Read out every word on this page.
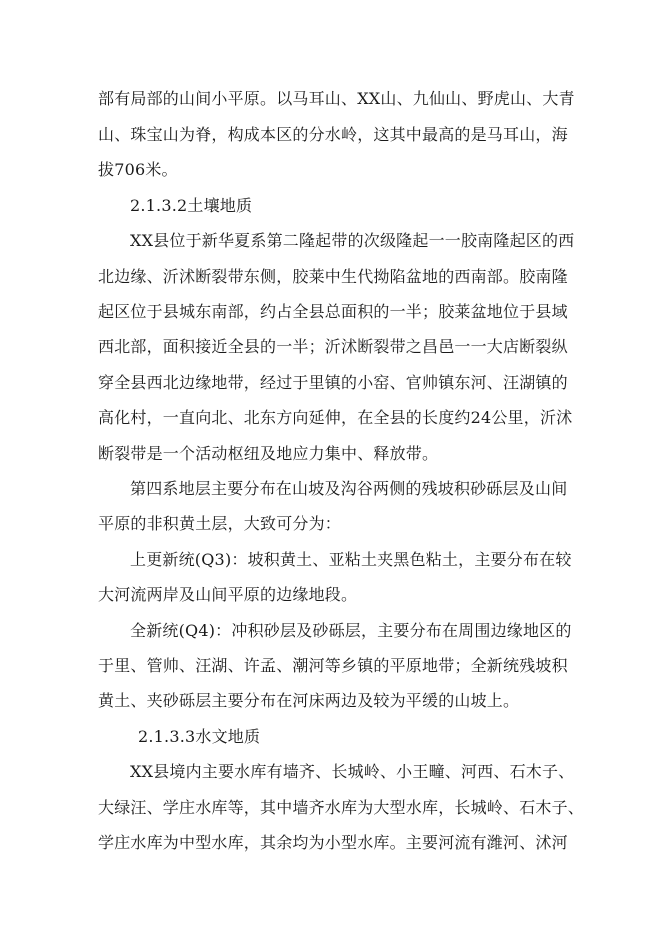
部有局部的山间小平原。以马耳山、XX山、九仙山、野虎山、大青
山、珠宝山为脊，构成本区的分水岭，这其中最高的是马耳山，海
拔706米。
2.1.3.2土壤地质
XX县位于新华夏系第二隆起带的次级隆起一一胶南隆起区的西
北边缘、沂沭断裂带东侧，胶莱中生代拗陷盆地的西南部。胶南隆
起区位于县城东南部，约占全县总面积的一半；胶莱盆地位于县域
西北部，面积接近全县的一半；沂沭断裂带之昌邑一一大店断裂纵
穿全县西北边缘地带，经过于里镇的小窑、官帅镇东河、汪湖镇的
高化村，一直向北、北东方向延伸，在全县的长度约24公里，沂沭
断裂带是一个活动枢纽及地应力集中、释放带。
第四系地层主要分布在山坡及沟谷两侧的残坡积砂砾层及山间
平原的非积黄土层，大致可分为：
上更新统(Q3)：坡积黄土、亚粘土夹黑色粘土，主要分布在较
大河流两岸及山间平原的边缘地段。
全新统(Q4)：冲积砂层及砂砾层，主要分布在周围边缘地区的
于里、管帅、汪湖、许孟、潮河等乡镇的平原地带；全新统残坡积
黄土、夹砂砾层主要分布在河床两边及较为平缓的山坡上。
2.1.3.3水文地质
XX县境内主要水库有墙齐、长城岭、小王疃、河西、石木子、
大绿汪、学庄水库等，其中墙齐水库为大型水库，长城岭、石木子、
学庄水库为中型水库，其余均为小型水库。主要河流有潍河、沭河
